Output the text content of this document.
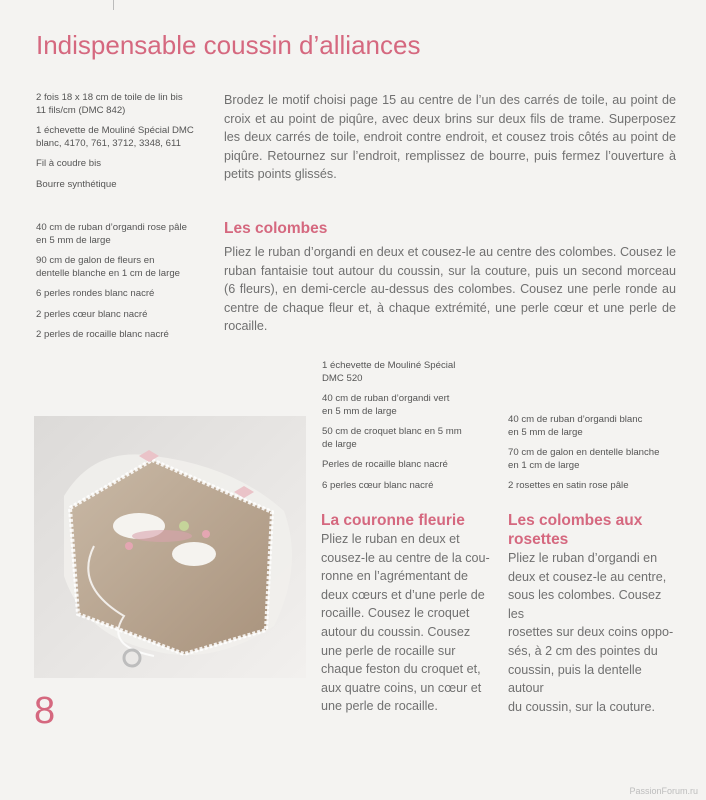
Indispensable coussin d’alliances

2 fois 18 x 18 cm de toile de lin bis
11 fils/cm (DMC 842)

1 échevette de Mouliné Spécial DMC
blanc, 4170, 761, 3712, 3348, 611

Fil à coudre bis

Bourre synthétique

Brodez le motif choisi page 15 au centre de l’un des carrés de toile, au point de croix et au point de piqûre, avec deux brins sur deux fils de trame. Superposez les deux carrés de toile, endroit contre endroit, et cousez trois côtés au point de piqûre. Retournez sur l’endroit, remplissez de bourre, puis fermez l’ouverture à petits points glissés.

40 cm de ruban d’organdi rose pâle
en 5 mm de large

90 cm de galon de fleurs en
dentelle blanche en 1 cm de large

6 perles rondes blanc nacré

2 perles cœur blanc nacré

2 perles de rocaille blanc nacré

Les colombes

Pliez le ruban d’organdi en deux et cousez-le au centre des colombes. Cousez le ruban fantaisie tout autour du coussin, sur la couture, puis un second morceau (6 fleurs), en demi-cercle au-dessus des colombes. Cousez une perle ronde au centre de chaque fleur et, à chaque extrémité, une perle cœur et une perle de rocaille.

1 échevette de Mouliné Spécial
DMC 520

40 cm de ruban d’organdi vert
en 5 mm de large

50 cm de croquet blanc en 5 mm
de large

Perles de rocaille blanc nacré

6 perles cœur blanc nacré

La couronne fleurie
Pliez le ruban en deux et
cousez-le au centre de la cou-
ronne en l’agrémentant de
deux cœurs et d’une perle de
rocaille. Cousez le croquet
autour du coussin. Cousez
une perle de rocaille sur
chaque feston du croquet et,
aux quatre coins, un cœur et
une perle de rocaille.

40 cm de ruban d’organdi blanc
en 5 mm de large

70 cm de galon en dentelle blanche
en 1 cm de large

2 rosettes en satin rose pâle

Les colombes aux
rosettes
Pliez le ruban d’organdi en
deux et cousez-le au centre,
sous les colombes. Cousez les
rosettes sur deux coins oppo-
sés, à 2 cm des pointes du
coussin, puis la dentelle autour
du coussin, sur la couture.
8
PassionForum.ru
